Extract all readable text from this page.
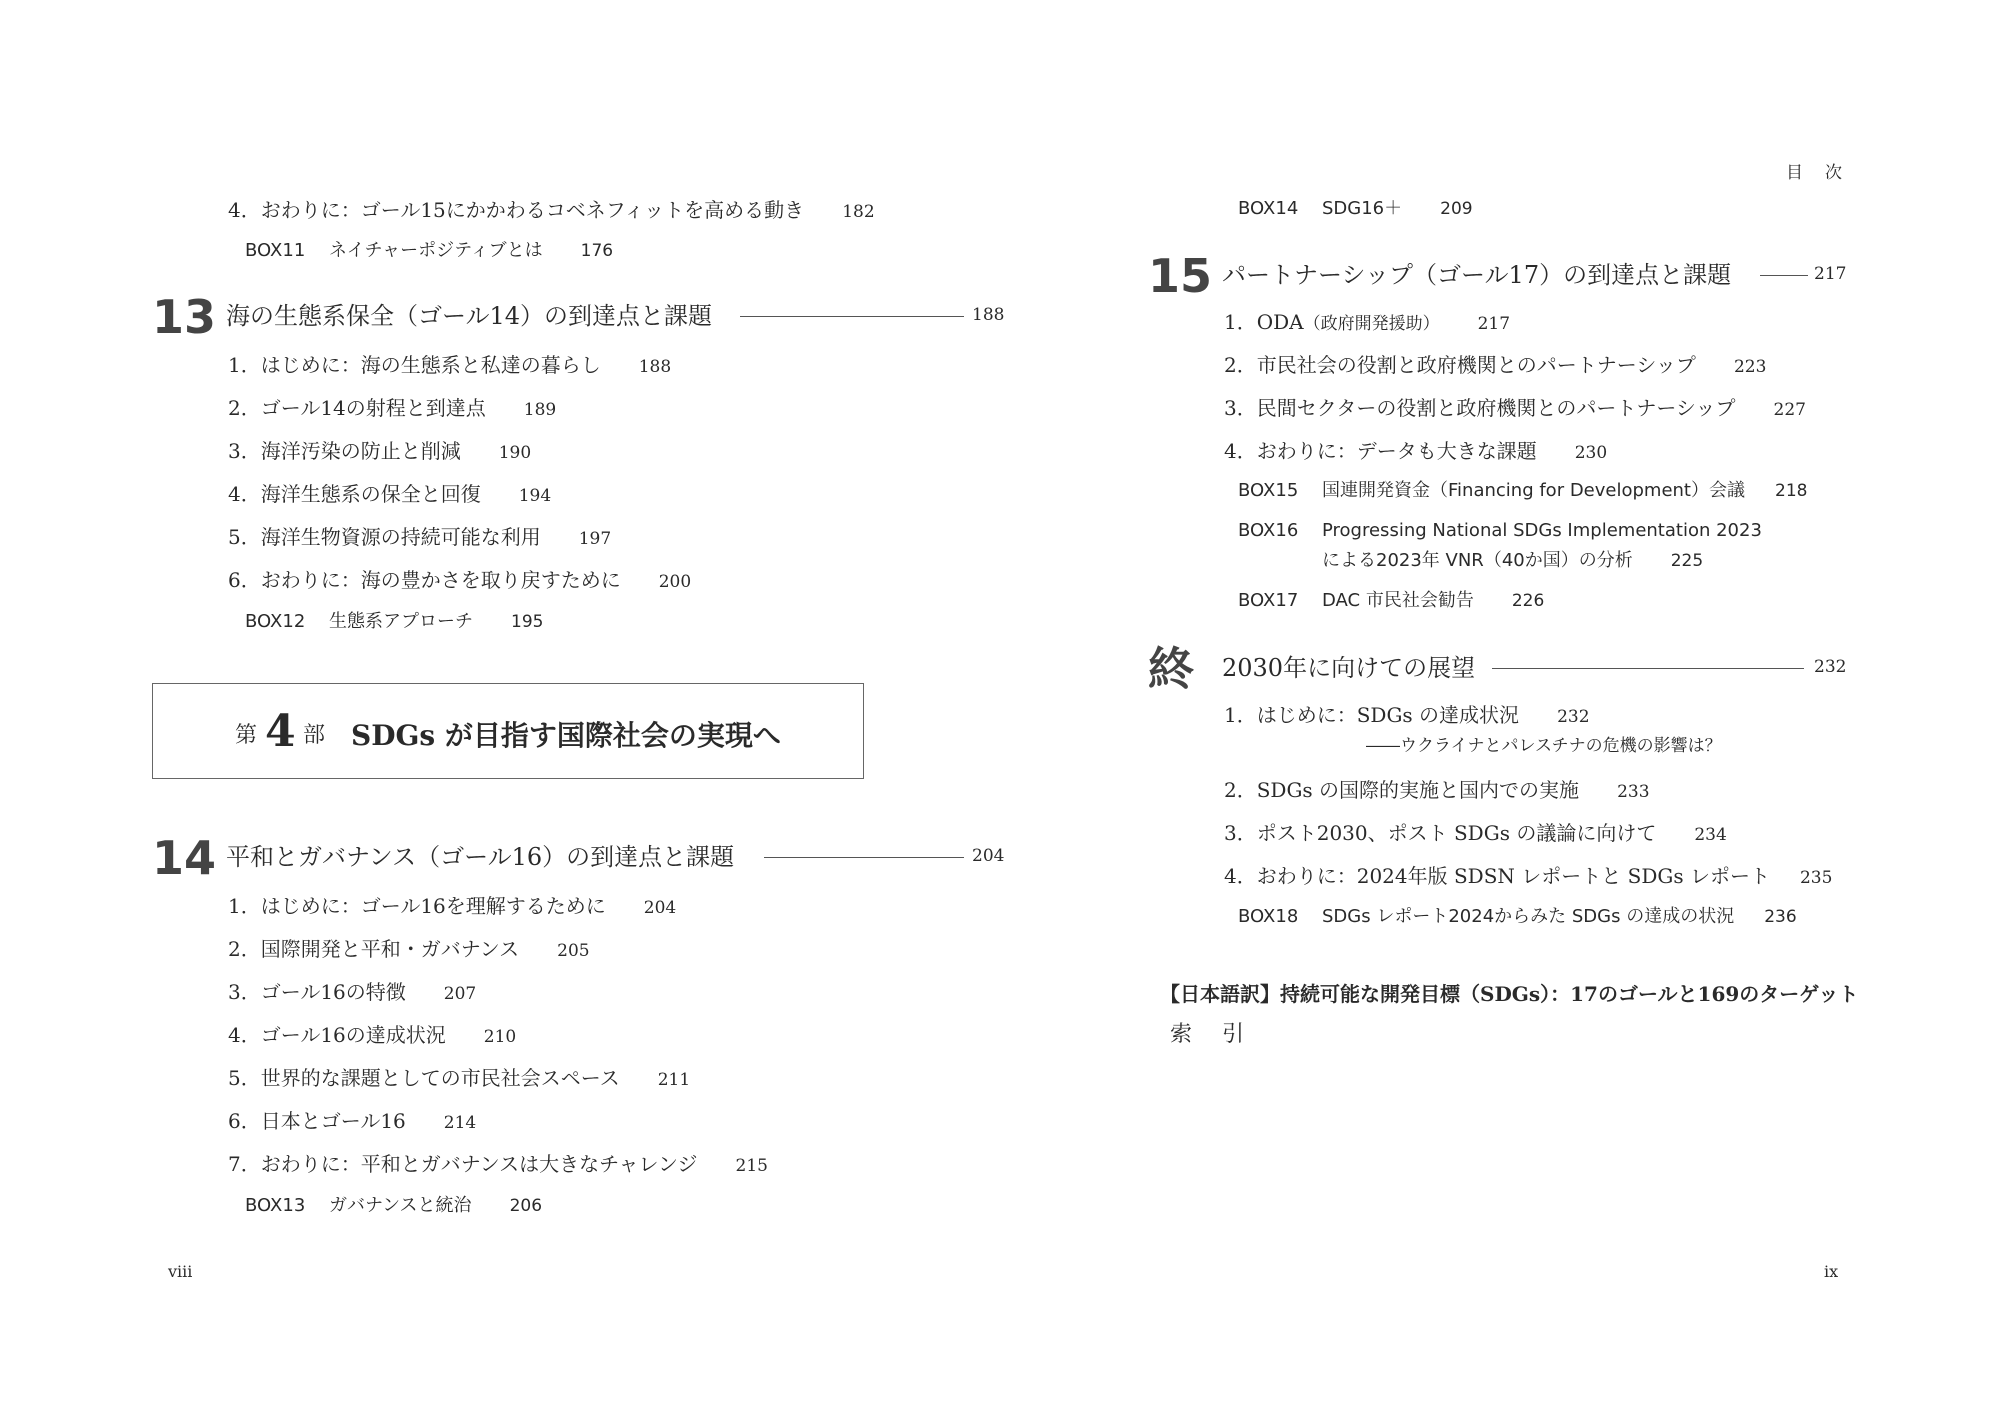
4．おわりに：ゴール15にかかわるコベネフィットを高める動き 182
BOX11 ネイチャーポジティブとは 176
13 海の生態系保全（ゴール14）の到達点と課題	188
1．はじめに：海の生態系と私達の暮らし 188
2．ゴール14の射程と到達点 189
3．海洋汚染の防止と削減 190
4．海洋生態系の保全と回復 194
5．海洋生物資源の持続可能な利用 197
6．おわりに：海の豊かさを取り戻すために 200
BOX12 生態系アプローチ 195
第 4 部 SDGs が目指す国際社会の実現へ
14 平和とガバナンス（ゴール16）の到達点と課題	204
1．はじめに：ゴール16を理解するために 204
2．国際開発と平和・ガバナンス 205
3．ゴール16の特徴 207
4．ゴール16の達成状況 210
5．世界的な課題としての市民社会スペース 211
6．日本とゴール16 214
7．おわりに：平和とガバナンスは大きなチャレンジ 215
BOX13 ガバナンスと統治 206
viii
目次
BOX14 SDG16＋ 209
15 パートナーシップ（ゴール17）の到達点と課題	217
1．ODA（政府開発援助） 217
2．市民社会の役割と政府機関とのパートナーシップ 223
3．民間セクターの役割と政府機関とのパートナーシップ 227
4．おわりに：データも大きな課題 230
BOX15 国連開発資金（Financing for Development）会議 218
BOX16 Progressing National SDGs Implementation 2023
による2023年 VNR（40か国）の分析 225
BOX17 DAC 市民社会勧告 226
終 2030年に向けての展望	232
1．はじめに：SDGs の達成状況 232
――ウクライナとパレスチナの危機の影響は？
2．SDGs の国際的実施と国内での実施 233
3．ポスト2030、ポスト SDGs の議論に向けて 234
4．おわりに：2024年版 SDSN レポートと SDGs レポート 235
BOX18 SDGs レポート2024からみた SDGs の達成の状況 236
【日本語訳】持続可能な開発目標（SDGs）：17のゴールと169のターゲット
索引
ix
